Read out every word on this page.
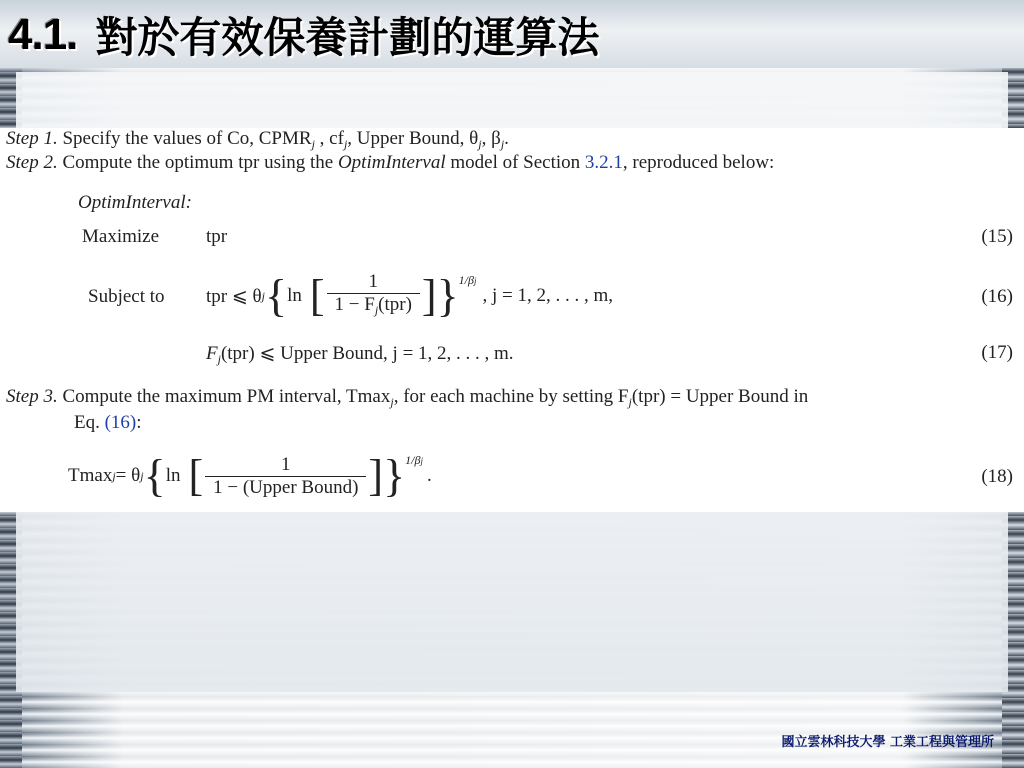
4.1. 對於有效保養計劃的運算法
Step 1. Specify the values of Co, $CPMR_j$ , $cf_j$, Upper Bound, $\theta_j$, $\beta_j$.
Step 2. Compute the optimum tpr using the OptimInterval model of Section 3.2.1, reproduced below:
OptimInterval:
Maximize tpr	(15)
Subject to tpr ⩽ θ j { ln [ $\frac{1}{1 - F_j(tpr)}$ ] } 1/βj
, j = 1, 2, . . . , m,	(16)
$F_j(tpr)$ ⩽ Upper Bound, j = 1, 2, . . . , m.	(17)
Step 3. Compute the maximum PM interval, Tmax$_j$, for each machine by setting $F_j(tpr)$ = Upper Bound in
Eq. (16):
Tmax j = θ j { ln [ $\frac{1}{\text{1 − (Upper Bound)}}$ ] } 1/βj
.	(18)
國立雲林科技大學 工業工程與管理所
